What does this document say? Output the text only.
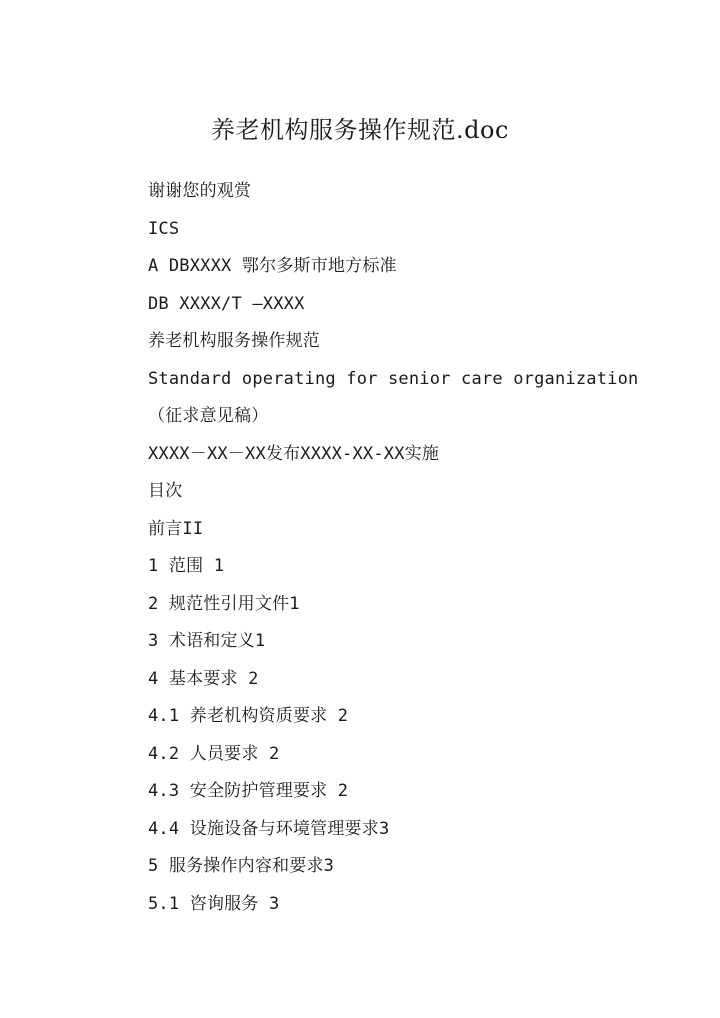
养老机构服务操作规范.doc
谢谢您的观赏
ICS
A DBXXXX 鄂尔多斯市地方标准
DB XXXX/T —XXXX
养老机构服务操作规范
Standard operating for senior care organization
（征求意见稿）
XXXX－XX－XX发布XXXX-XX-XX实施
目次
前言II
1 范围 1
2 规范性引用文件1
3 术语和定义1
4 基本要求 2
4.1 养老机构资质要求 2
4.2 人员要求 2
4.3 安全防护管理要求 2
4.4 设施设备与环境管理要求3
5 服务操作内容和要求3
5.1 咨询服务 3
